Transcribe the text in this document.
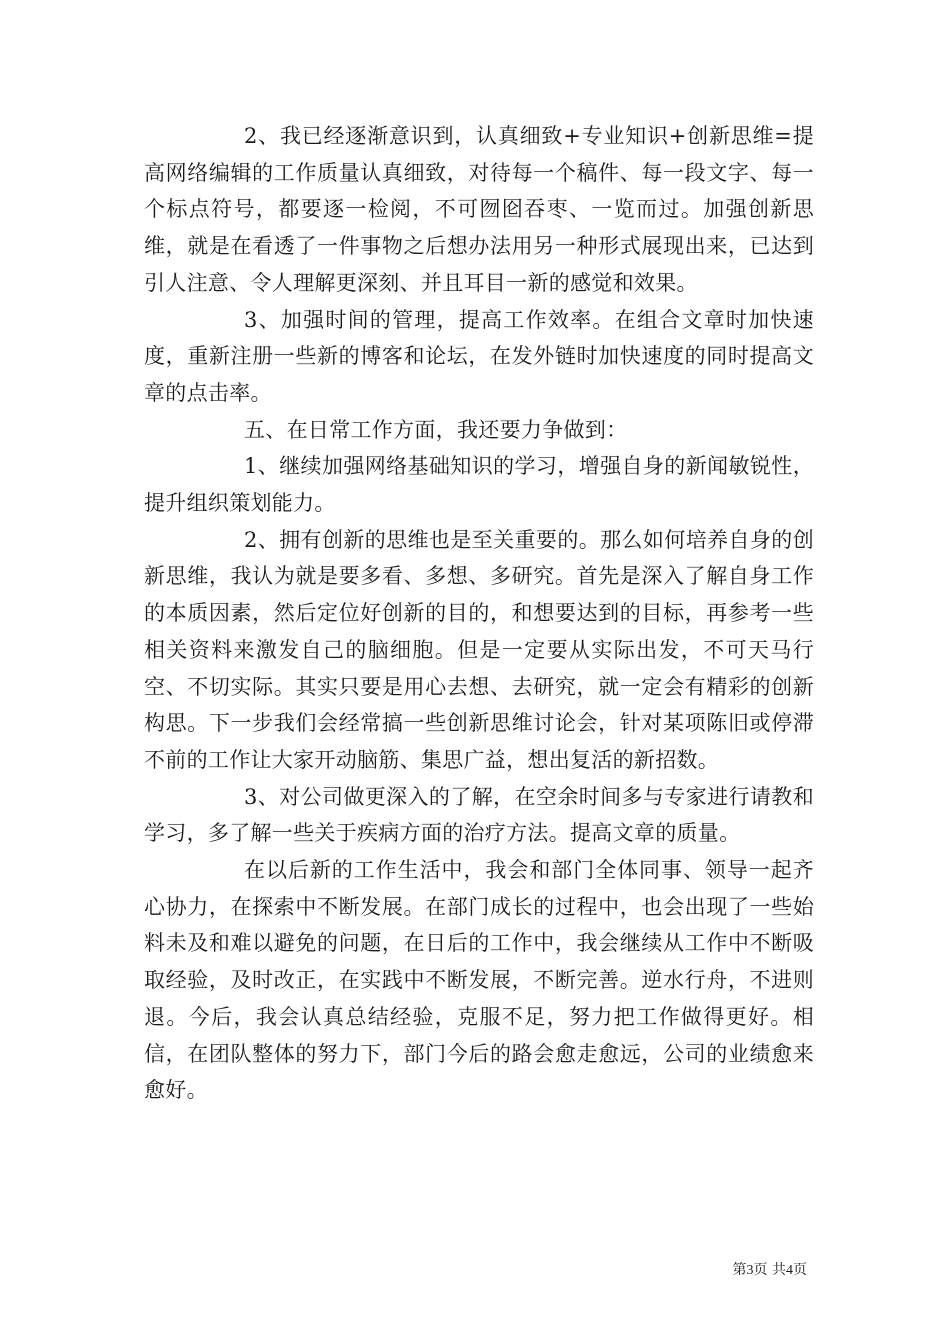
2、我已经逐渐意识到，认真细致+专业知识+创新思维=提高网络编辑的工作质量认真细致，对待每一个稿件、每一段文字、每一个标点符号，都要逐一检阅，不可囫囵吞枣、一览而过。加强创新思维，就是在看透了一件事物之后想办法用另一种形式展现出来，已达到引人注意、令人理解更深刻、并且耳目一新的感觉和效果。

3、加强时间的管理，提高工作效率。在组合文章时加快速度，重新注册一些新的博客和论坛，在发外链时加快速度的同时提高文章的点击率。

五、在日常工作方面，我还要力争做到：

1、继续加强网络基础知识的学习，增强自身的新闻敏锐性，提升组织策划能力。

2、拥有创新的思维也是至关重要的。那么如何培养自身的创新思维，我认为就是要多看、多想、多研究。首先是深入了解自身工作的本质因素，然后定位好创新的目的，和想要达到的目标，再参考一些相关资料来激发自己的脑细胞。但是一定要从实际出发，不可天马行空、不切实际。其实只要是用心去想、去研究，就一定会有精彩的创新构思。下一步我们会经常搞一些创新思维讨论会，针对某项陈旧或停滞不前的工作让大家开动脑筋、集思广益，想出复活的新招数。

3、对公司做更深入的了解，在空余时间多与专家进行请教和学习，多了解一些关于疾病方面的治疗方法。提高文章的质量。

在以后新的工作生活中，我会和部门全体同事、领导一起齐心协力，在探索中不断发展。在部门成长的过程中，也会出现了一些始料未及和难以避免的问题，在日后的工作中，我会继续从工作中不断吸取经验，及时改正，在实践中不断发展，不断完善。逆水行舟，不进则退。今后，我会认真总结经验，克服不足，努力把工作做得更好。相信，在团队整体的努力下，部门今后的路会愈走愈远，公司的业绩愈来愈好。

第3页 共4页
